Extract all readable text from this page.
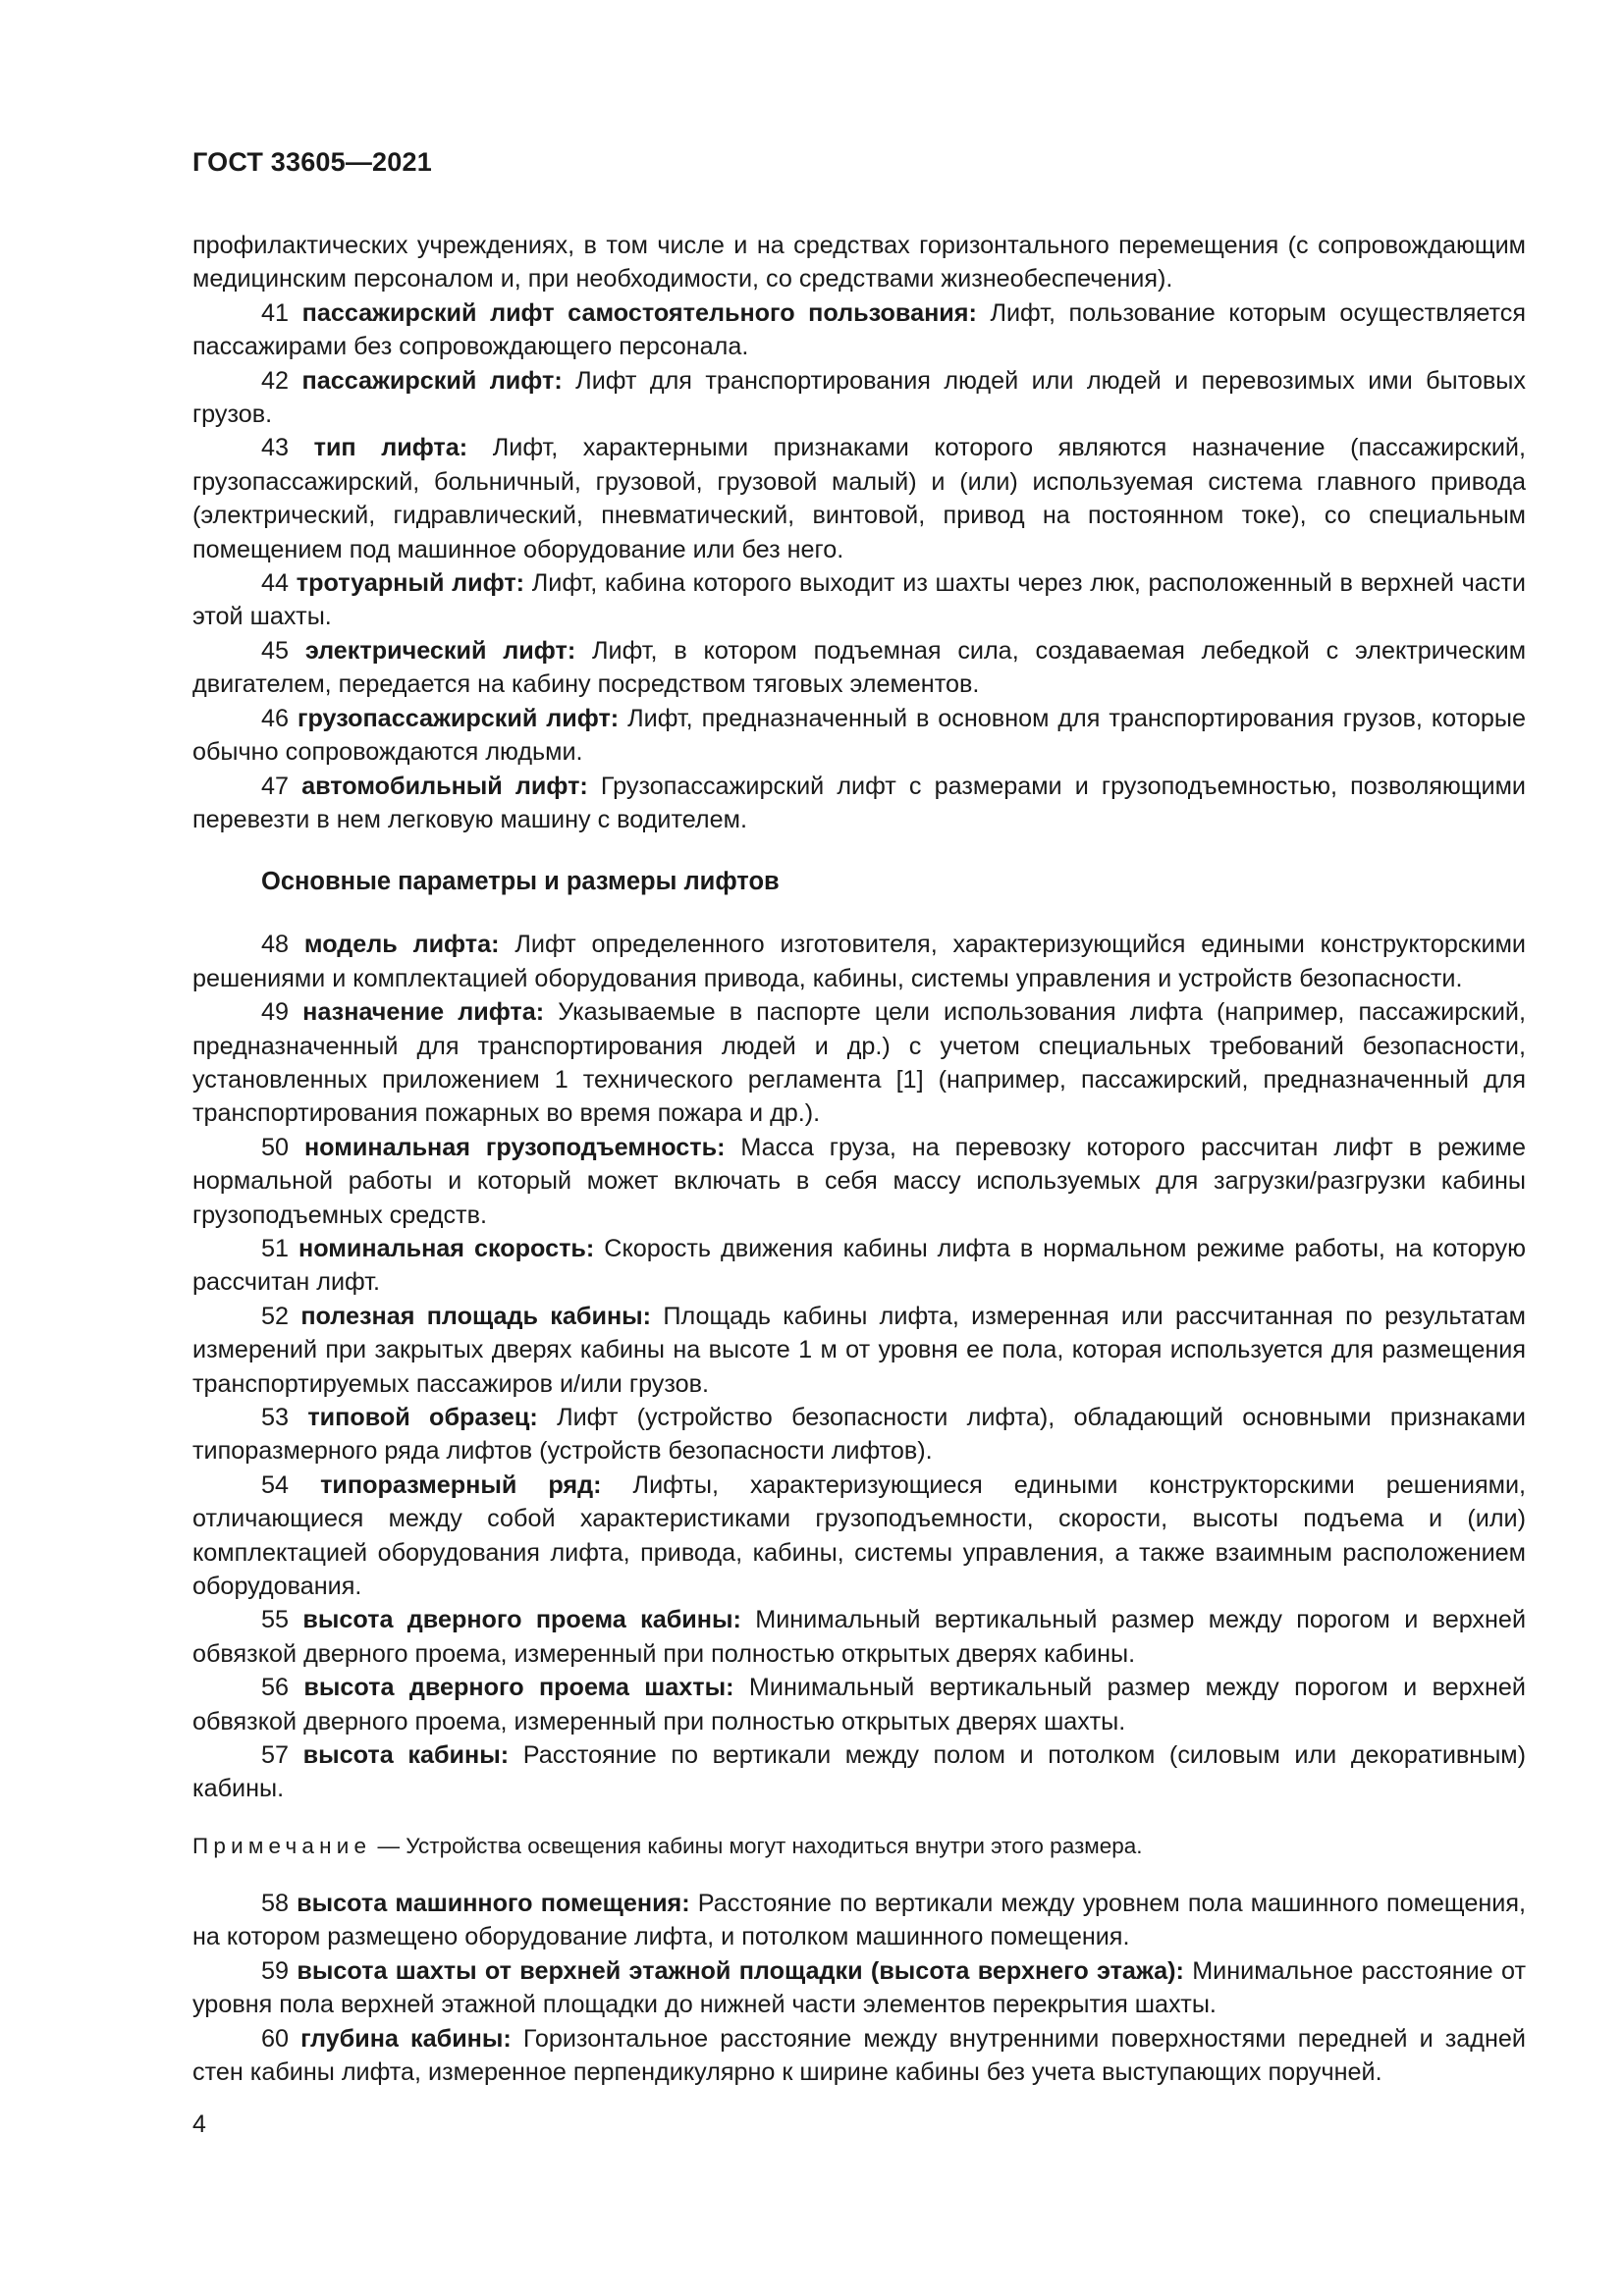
ГОСТ 33605—2021

профилактических учреждениях, в том числе и на средствах горизонтального перемещения (с сопровождающим медицинским персоналом и, при необходимости, со средствами жизнеобеспечения).

41 пассажирский лифт самостоятельного пользования: Лифт, пользование которым осуществляется пассажирами без сопровождающего персонала.

42 пассажирский лифт: Лифт для транспортирования людей или людей и перевозимых ими бытовых грузов.

43 тип лифта: Лифт, характерными признаками которого являются назначение (пассажирский, грузопассажирский, больничный, грузовой, грузовой малый) и (или) используемая система главного привода (электрический, гидравлический, пневматический, винтовой, привод на постоянном токе), со специальным помещением под машинное оборудование или без него.

44 тротуарный лифт: Лифт, кабина которого выходит из шахты через люк, расположенный в верхней части этой шахты.

45 электрический лифт: Лифт, в котором подъемная сила, создаваемая лебедкой с электрическим двигателем, передается на кабину посредством тяговых элементов.

46 грузопассажирский лифт: Лифт, предназначенный в основном для транспортирования грузов, которые обычно сопровождаются людьми.

47 автомобильный лифт: Грузопассажирский лифт с размерами и грузоподъемностью, позволяющими перевезти в нем легковую машину с водителем.

Основные параметры и размеры лифтов

48 модель лифта: Лифт определенного изготовителя, характеризующийся едиными конструкторскими решениями и комплектацией оборудования привода, кабины, системы управления и устройств безопасности.

49 назначение лифта: Указываемые в паспорте цели использования лифта (например, пассажирский, предназначенный для транспортирования людей и др.) с учетом специальных требований безопасности, установленных приложением 1 технического регламента [1] (например, пассажирский, предназначенный для транспортирования пожарных во время пожара и др.).

50 номинальная грузоподъемность: Масса груза, на перевозку которого рассчитан лифт в режиме нормальной работы и который может включать в себя массу используемых для загрузки/разгрузки кабины грузоподъемных средств.

51 номинальная скорость: Скорость движения кабины лифта в нормальном режиме работы, на которую рассчитан лифт.

52 полезная площадь кабины: Площадь кабины лифта, измеренная или рассчитанная по результатам измерений при закрытых дверях кабины на высоте 1 м от уровня ее пола, которая используется для размещения транспортируемых пассажиров и/или грузов.

53 типовой образец: Лифт (устройство безопасности лифта), обладающий основными признаками типоразмерного ряда лифтов (устройств безопасности лифтов).

54 типоразмерный ряд: Лифты, характеризующиеся едиными конструкторскими решениями, отличающиеся между собой характеристиками грузоподъемности, скорости, высоты подъема и (или) комплектацией оборудования лифта, привода, кабины, системы управления, а также взаимным расположением оборудования.

55 высота дверного проема кабины: Минимальный вертикальный размер между порогом и верхней обвязкой дверного проема, измеренный при полностью открытых дверях кабины.

56 высота дверного проема шахты: Минимальный вертикальный размер между порогом и верхней обвязкой дверного проема, измеренный при полностью открытых дверях шахты.

57 высота кабины: Расстояние по вертикали между полом и потолком (силовым или декоративным) кабины.

Примечание — Устройства освещения кабины могут находиться внутри этого размера.

58 высота машинного помещения: Расстояние по вертикали между уровнем пола машинного помещения, на котором размещено оборудование лифта, и потолком машинного помещения.

59 высота шахты от верхней этажной площадки (высота верхнего этажа): Минимальное расстояние от уровня пола верхней этажной площадки до нижней части элементов перекрытия шахты.

60 глубина кабины: Горизонтальное расстояние между внутренними поверхностями передней и задней стен кабины лифта, измеренное перпендикулярно к ширине кабины без учета выступающих поручней.

4
